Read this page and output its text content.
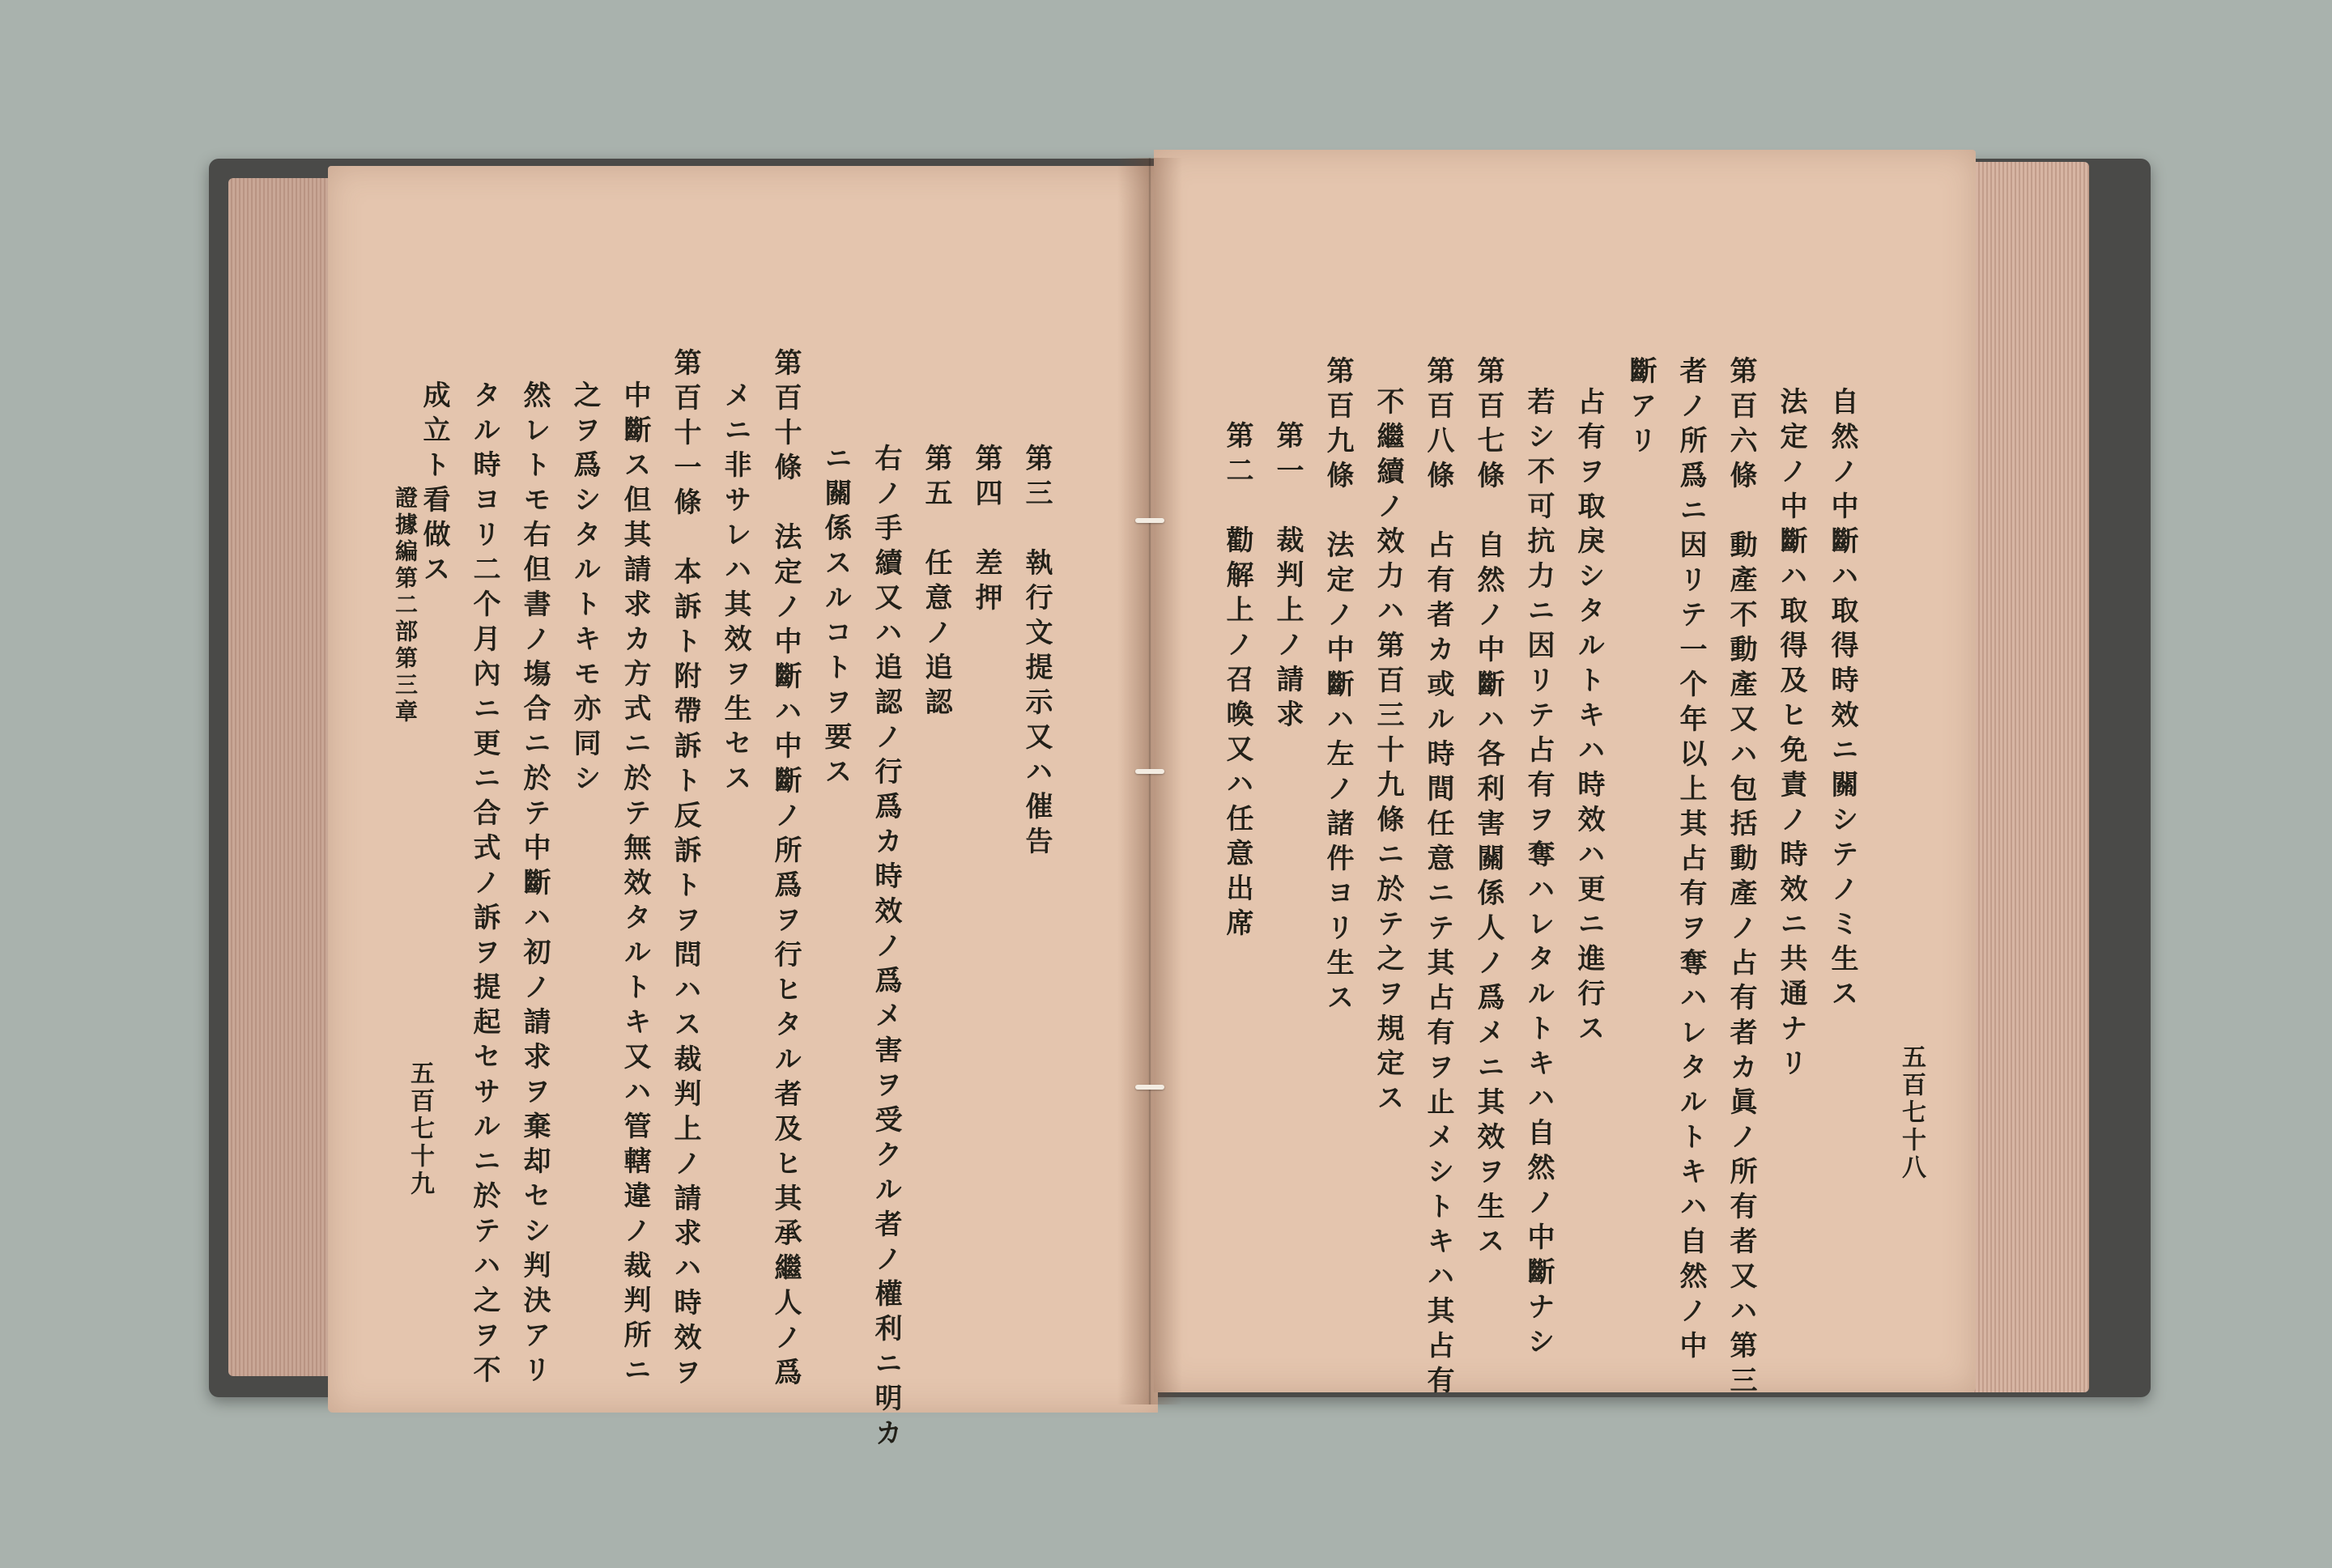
五百七十八
自然ノ中斷ハ取得時效ニ關シテノミ生ス
法定ノ中斷ハ取得及ヒ免責ノ時效ニ共通ナリ
第百六條　動產不動產又ハ包括動產ノ占有者カ眞ノ所有者又ハ第三
者ノ所爲ニ因リテ一个年以上其占有ヲ奪ハレタルトキハ自然ノ中
斷アリ
占有ヲ取戾シタルトキハ時效ハ更ニ進行ス
若シ不可抗力ニ因リテ占有ヲ奪ハレタルトキハ自然ノ中斷ナシ
第百七條　自然ノ中斷ハ各利害關係人ノ爲メニ其效ヲ生ス
第百八條　占有者カ或ル時間任意ニテ其占有ヲ止メシトキハ其占有
不繼續ノ效力ハ第百三十九條ニ於テ之ヲ規定ス
第百九條　法定ノ中斷ハ左ノ諸件ヨリ生ス
第一　裁判上ノ請求
第二　勸解上ノ召喚又ハ任意出席
第三　執行文提示又ハ催告
第四　差押
第五　任意ノ追認
右ノ手續又ハ追認ノ行爲カ時效ノ爲メ害ヲ受クル者ノ權利ニ明カ
ニ關係スルコトヲ要ス
第百十條　法定ノ中斷ハ中斷ノ所爲ヲ行ヒタル者及ヒ其承繼人ノ爲
メニ非サレハ其效ヲ生セス
第百十一條　本訴ト附帶訴ト反訴トヲ問ハス裁判上ノ請求ハ時效ヲ
中斷ス但其請求カ方式ニ於テ無效タルトキ又ハ管轄違ノ裁判所ニ
之ヲ爲シタルトキモ亦同シ
然レトモ右但書ノ塲合ニ於テ中斷ハ初ノ請求ヲ棄却セシ判決アリ
タル時ヨリ二个月內ニ更ニ合式ノ訴ヲ提起セサルニ於テハ之ヲ不
成立ト看做ス
證據編第二部第三章
五百七十九
